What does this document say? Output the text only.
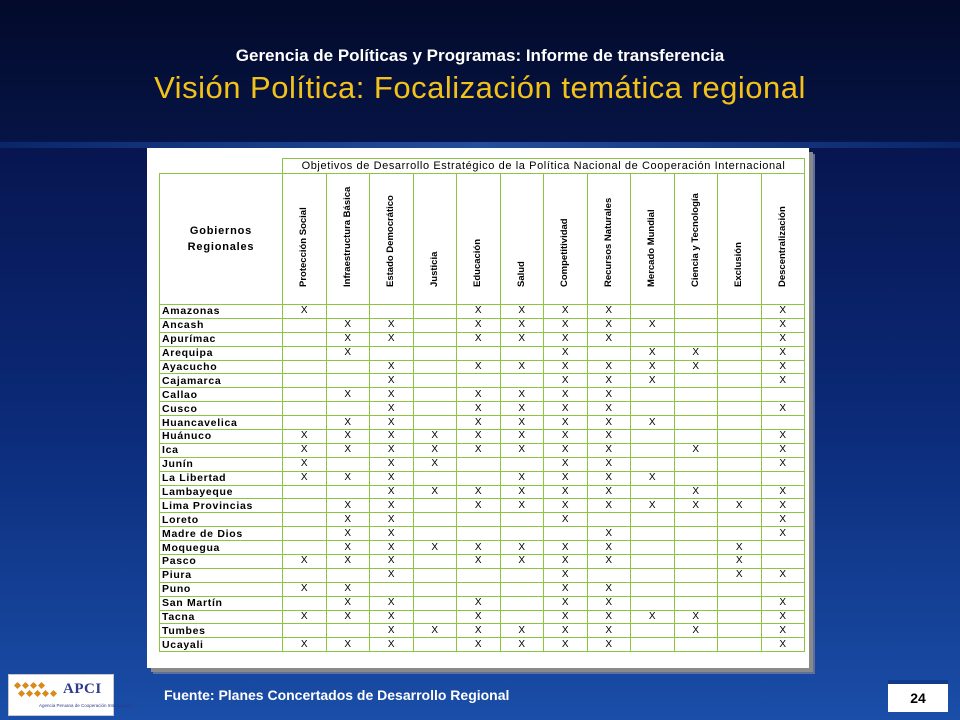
Gerencia de Políticas y Programas: Informe de transferencia
Visión Política: Focalización temática regional
	Objetivos de Desarrollo Estratégico de la Política Nacional de Cooperación Internacional											
Gobiernos
Regionales	Protección Social	Infraestructura Básica	Estado Democrático	Justicia	Educación	Salud	Competitividad	Recursos Naturales	Mercado Mundial	Ciencia y Tecnología	Exclusión	Descentralización

Amazonas	X				X	X	X	X				X
Ancash		X	X		X	X	X	X	X			X
Apurímac		X	X		X	X	X	X				X
Arequipa		X					X		X	X		X
Ayacucho			X		X	X	X	X	X	X		X
Cajamarca			X				X	X	X			X
Callao		X	X		X	X	X	X				
Cusco			X		X	X	X	X				X
Huancavelica		X	X		X	X	X	X	X			
Huánuco	X	X	X	X	X	X	X	X				X
Ica	X	X	X	X	X	X	X	X		X		X
Junín	X		X	X			X	X				X
La Libertad	X	X	X			X	X	X	X			
Lambayeque			X	X	X	X	X	X		X		X
Lima Provincias		X	X		X	X	X	X	X	X	X	X
Loreto		X	X				X					X
Madre de Dios		X	X					X				X
Moquegua		X	X	X	X	X	X	X			X	
Pasco	X	X	X		X	X	X	X			X	
Piura			X				X				X	X
Puno	X	X					X	X				
San Martín		X	X		X		X	X				X
Tacna	X	X	X		X		X	X	X	X		X
Tumbes			X	X	X	X	X	X		X		X
Ucayali	X	X	X		X	X	X	X				X
Fuente: Planes Concertados de Desarrollo Regional
APCI
Agencia Peruana de Cooperación Internacional	24
